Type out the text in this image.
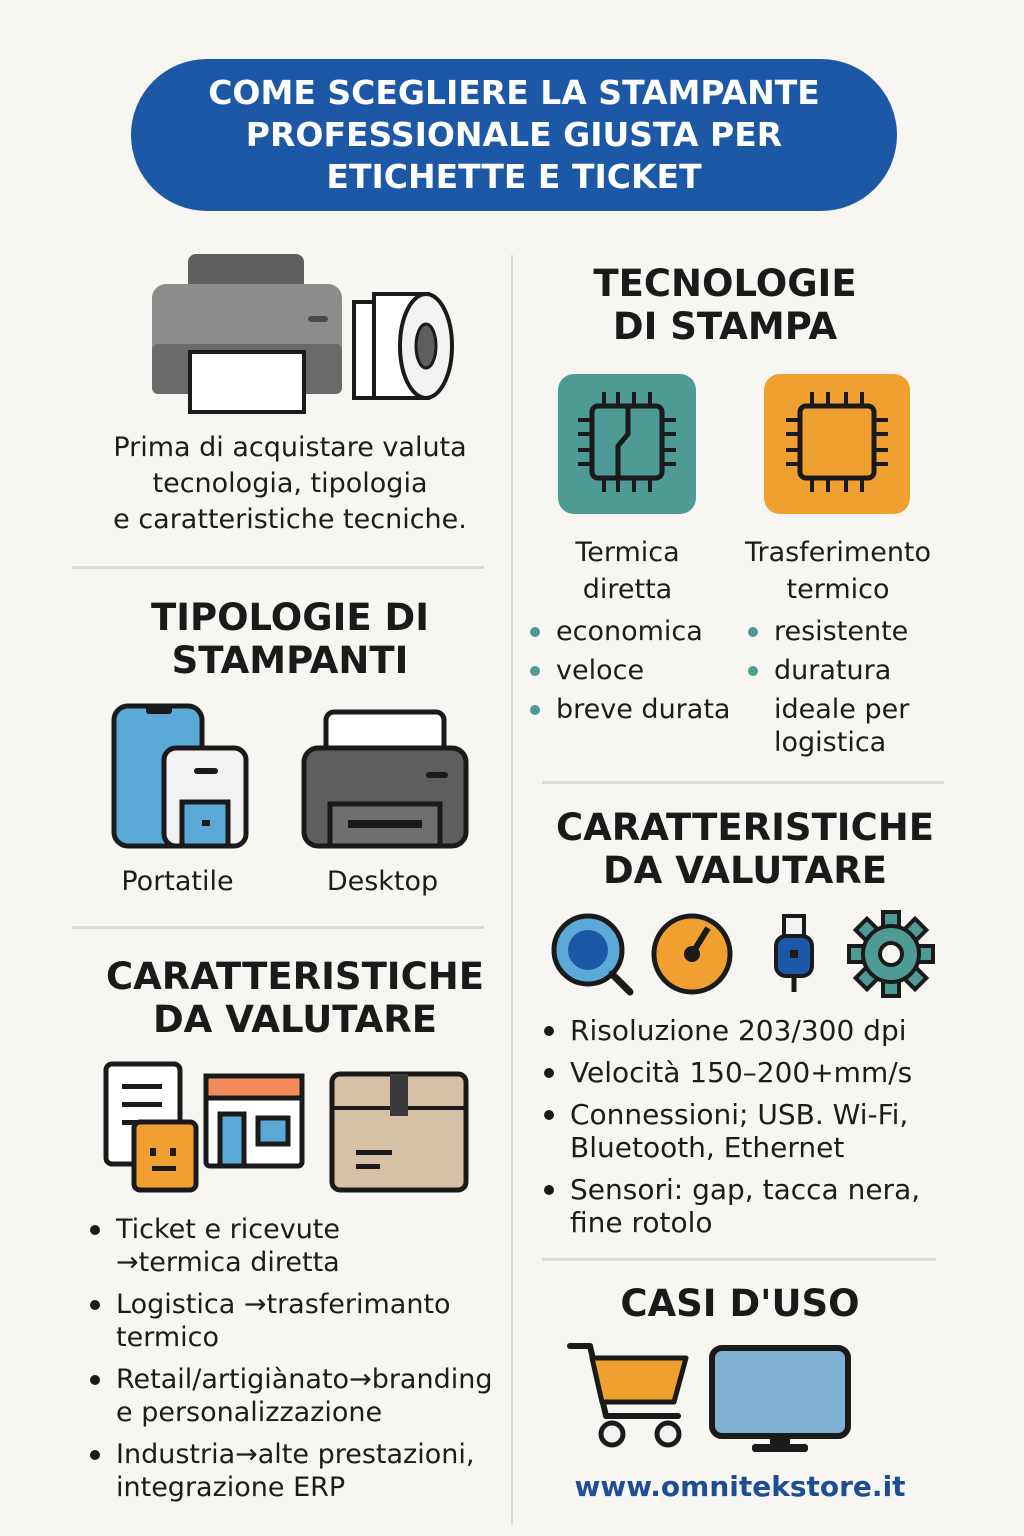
COME SCEGLIERE LA STAMPANTE
PROFESSIONALE GIUSTA PER
ETICHETTE E TICKET
Prima di acquistare valuta
tecnologia, tipologia
e caratteristiche tecniche.
TIPOLOGIE DI
STAMPANTI
Portatile	Desktop
CARATTERISTICHE
DA VALUTARE
Ticket e ricevute
→termica diretta
Logistica →trasferimanto
termico
Retail/artigiànato→branding
e personalizzazione
Industria→alte prestazioni,
integrazione ERP
TECNOLOGIE
DI STAMPA
Termica
diretta
Trasferimento
termico
economica
veloce
breve durata
resistente
duratura
ideale per
logistica
CARATTERISTICHE
DA VALUTARE
Risoluzione 203/300 dpi
Velocità 150–200+mm/s
Connessioni; USB. Wi-Fi,
Bluetooth, Ethernet
Sensori: gap, tacca nera,
fine rotolo
CASI D'USO
www.omnitekstore.it
